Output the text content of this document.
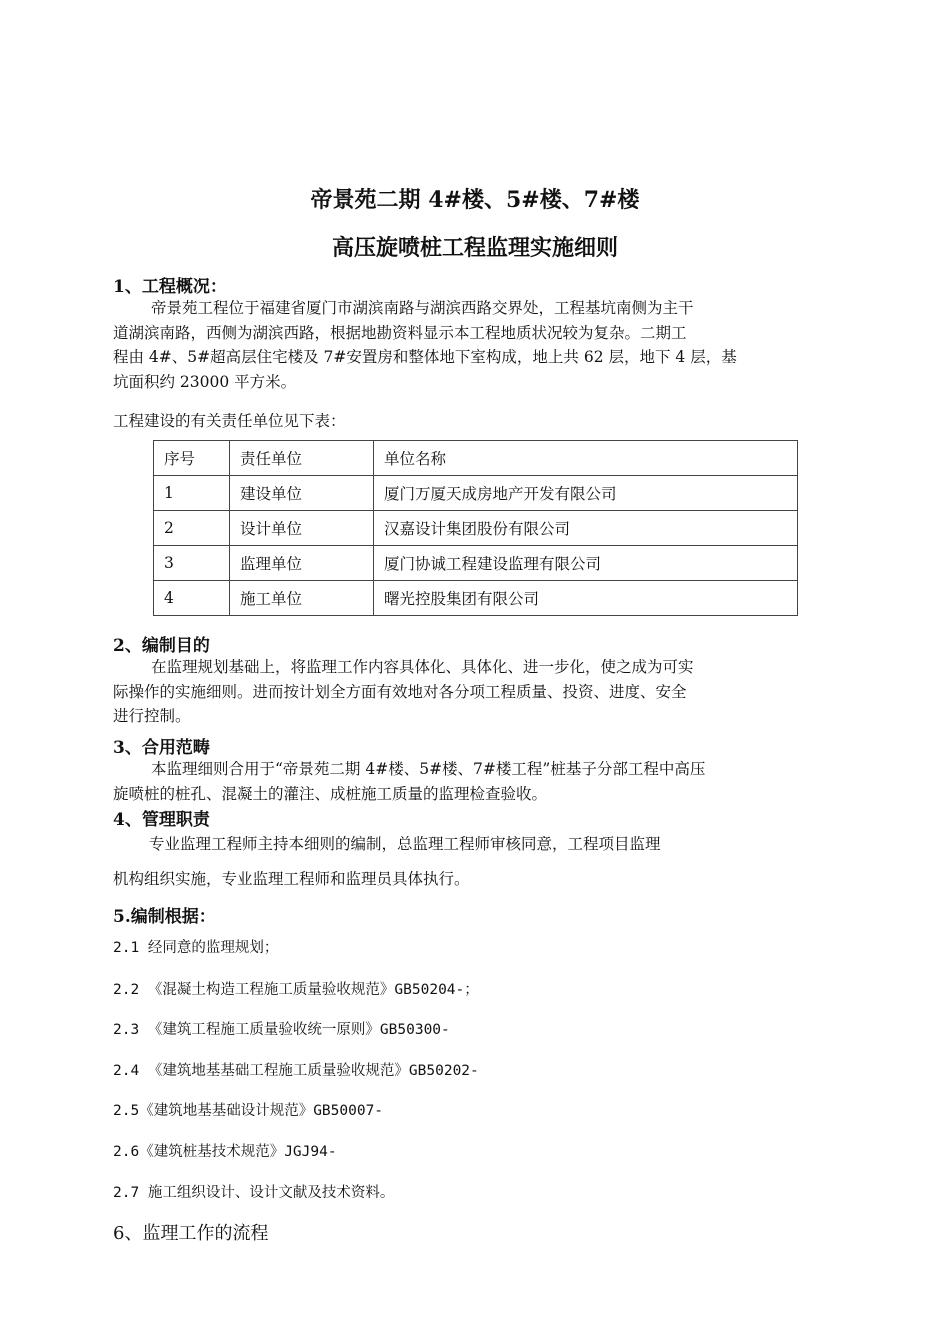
帝景苑二期 4#楼、5#楼、7#楼
高压旋喷桩工程监理实施细则
1、工程概况：
帝景苑工程位于福建省厦门市湖滨南路与湖滨西路交界处，工程基坑南侧为主干
道湖滨南路，西侧为湖滨西路，根据地勘资料显示本工程地质状况较为复杂。二期工
程由 4#、5#超高层住宅楼及 7#安置房和整体地下室构成，地上共 62 层，地下 4 层，基
坑面积约 23000 平方米。
工程建设的有关责任单位见下表：
序号	责任单位	单位名称
1	建设单位	厦门万厦天成房地产开发有限公司
2	设计单位	汉嘉设计集团股份有限公司
3	监理单位	厦门协诚工程建设监理有限公司
4	施工单位	曙光控股集团有限公司
2、编制目的
在监理规划基础上，将监理工作内容具体化、具体化、进一步化，使之成为可实
际操作的实施细则。进而按计划全方面有效地对各分项工程质量、投资、进度、安全
进行控制。
3、合用范畴
本监理细则合用于“帝景苑二期 4#楼、5#楼、7#楼工程”桩基子分部工程中高压
旋喷桩的桩孔、混凝土的灌注、成桩施工质量的监理检查验收。
4、管理职责
专业监理工程师主持本细则的编制，总监理工程师审核同意，工程项目监理
机构组织实施，专业监理工程师和监理员具体执行。
5.编制根据：
2.1 经同意的监理规划；
2.2 《混凝土构造工程施工质量验收规范》GB50204-；
2.3 《建筑工程施工质量验收统一原则》GB50300-
2.4 《建筑地基基础工程施工质量验收规范》GB50202-
2.5《建筑地基基础设计规范》GB50007-
2.6《建筑桩基技术规范》JGJ94-
2.7 施工组织设计、设计文献及技术资料。
6、监理工作的流程
